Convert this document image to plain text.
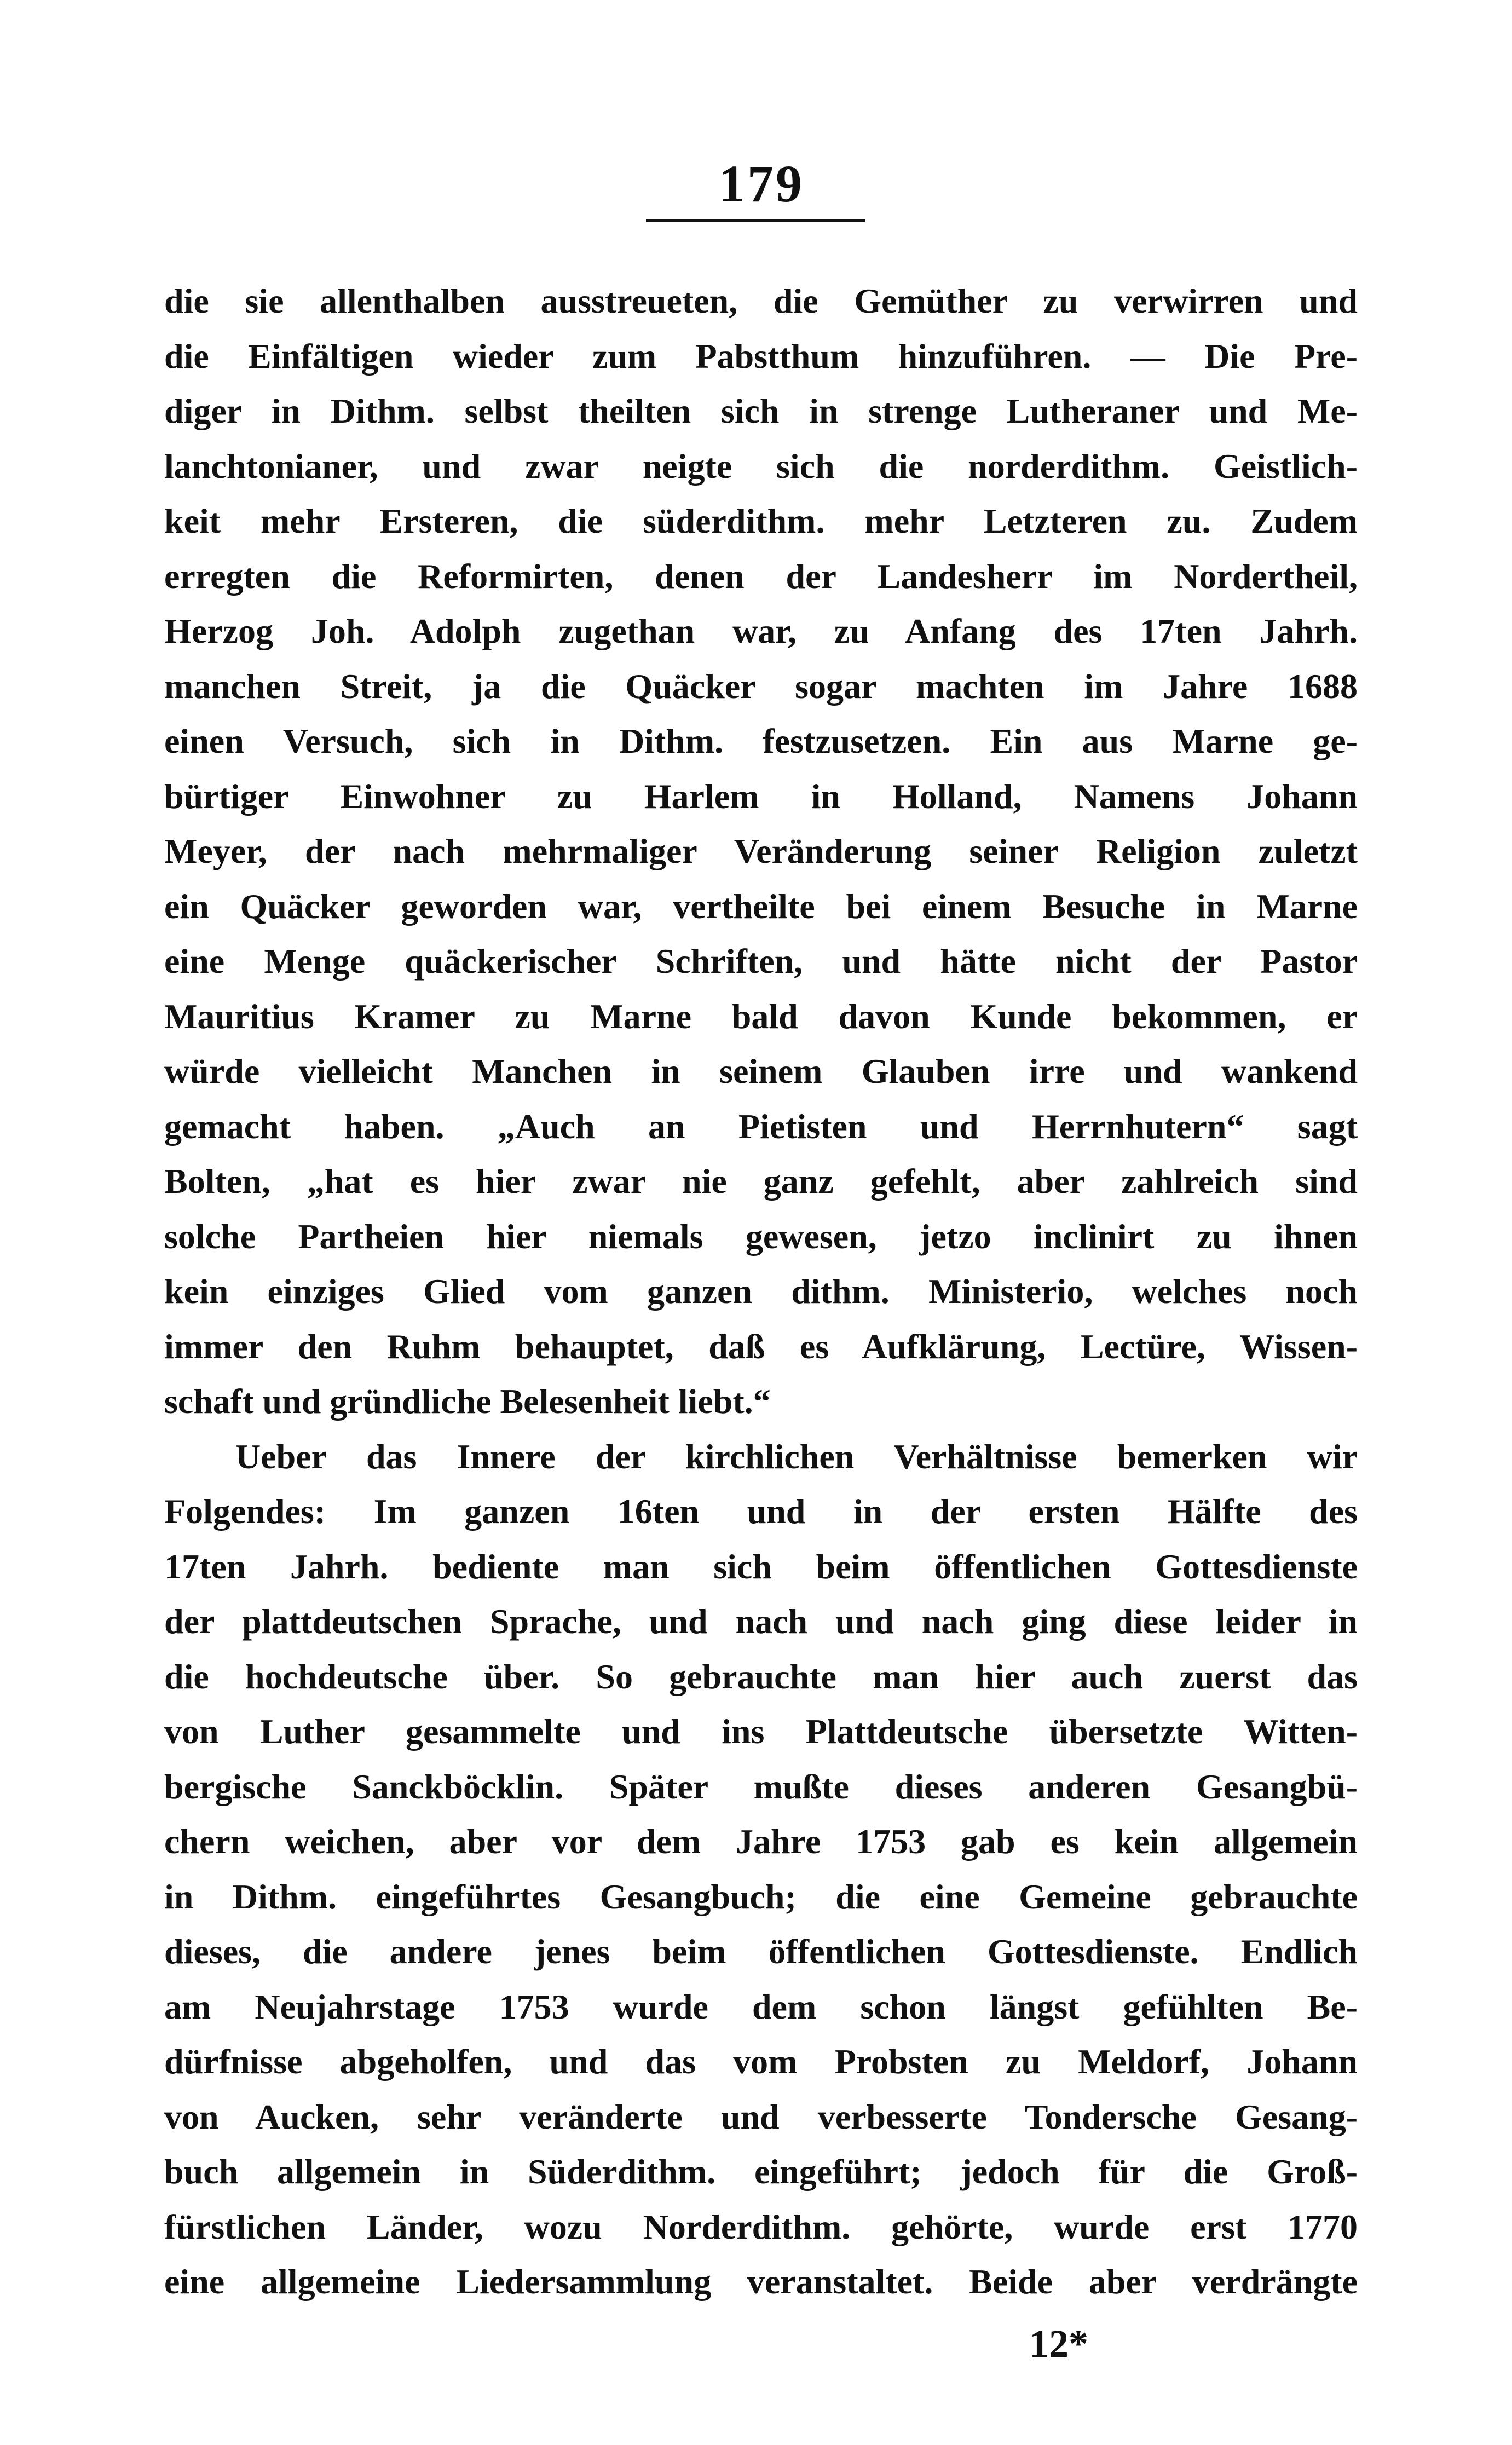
179
die sie allenthalben ausstreueten, die Gemüther zu verwirren und
die Einfältigen wieder zum Pabstthum hinzuführen. — Die Pre-
diger in Dithm. selbst theilten sich in strenge Lutheraner und Me-
lanchtonianer, und zwar neigte sich die norderdithm. Geistlich-
keit mehr Ersteren, die süderdithm. mehr Letzteren zu. Zudem
erregten die Reformirten, denen der Landesherr im Nordertheil,
Herzog Joh. Adolph zugethan war, zu Anfang des 17ten Jahrh.
manchen Streit, ja die Quäcker sogar machten im Jahre 1688
einen Versuch, sich in Dithm. festzusetzen. Ein aus Marne ge-
bürtiger Einwohner zu Harlem in Holland, Namens Johann
Meyer, der nach mehrmaliger Veränderung seiner Religion zuletzt
ein Quäcker geworden war, vertheilte bei einem Besuche in Marne
eine Menge quäckerischer Schriften, und hätte nicht der Pastor
Mauritius Kramer zu Marne bald davon Kunde bekommen, er
würde vielleicht Manchen in seinem Glauben irre und wankend
gemacht haben. „Auch an Pietisten und Herrnhutern“ sagt
Bolten, „hat es hier zwar nie ganz gefehlt, aber zahlreich sind
solche Partheien hier niemals gewesen, jetzo inclinirt zu ihnen
kein einziges Glied vom ganzen dithm. Ministerio, welches noch
immer den Ruhm behauptet, daß es Aufklärung, Lectüre, Wissen-
schaft und gründliche Belesenheit liebt.“
Ueber das Innere der kirchlichen Verhältnisse bemerken wir
Folgendes: Im ganzen 16ten und in der ersten Hälfte des
17ten Jahrh. bediente man sich beim öffentlichen Gottesdienste
der plattdeutschen Sprache, und nach und nach ging diese leider in
die hochdeutsche über. So gebrauchte man hier auch zuerst das
von Luther gesammelte und ins Plattdeutsche übersetzte Witten-
bergische Sanckböcklin. Später mußte dieses anderen Gesangbü-
chern weichen, aber vor dem Jahre 1753 gab es kein allgemein
in Dithm. eingeführtes Gesangbuch; die eine Gemeine gebrauchte
dieses, die andere jenes beim öffentlichen Gottesdienste. Endlich
am Neujahrstage 1753 wurde dem schon längst gefühlten Be-
dürfnisse abgeholfen, und das vom Probsten zu Meldorf, Johann
von Aucken, sehr veränderte und verbesserte Tondersche Gesang-
buch allgemein in Süderdithm. eingeführt; jedoch für die Groß-
fürstlichen Länder, wozu Norderdithm. gehörte, wurde erst 1770
eine allgemeine Liedersammlung veranstaltet. Beide aber verdrängte
12*
